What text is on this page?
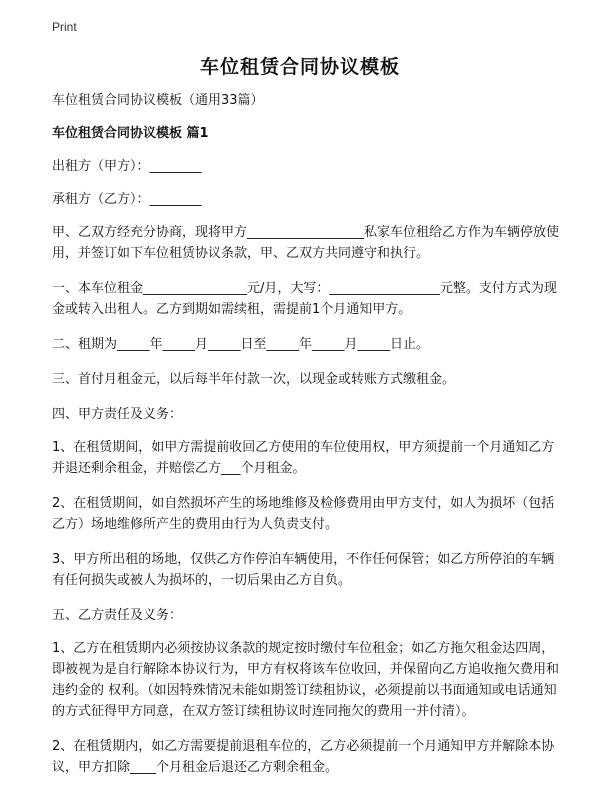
Print
车位租赁合同协议模板

车位租赁合同协议模板（通用33篇）

车位租赁合同协议模板 篇1

出租方（甲方）：________

承租方（乙方）：________

甲、乙双方经充分协商，现将甲方__________________私家车位租给乙方作为车辆停放使用，并签订如下车位租赁协议条款，甲、乙双方共同遵守和执行。

一、本车位租金________________元/月，大写：_________________元整。支付方式为现金或转入出租人。乙方到期如需续租，需提前1个月通知甲方。

二、租期为_____年_____月_____日至_____年_____月_____日止。

三、首付月租金元，以后每半年付款一次，以现金或转账方式缴租金。

四、甲方责任及义务：

1、在租赁期间，如甲方需提前收回乙方使用的车位使用权，甲方须提前一个月通知乙方并退还剩余租金，并赔偿乙方___个月租金。

2、在租赁期间，如自然损坏产生的场地维修及检修费用由甲方支付，如人为损坏（包括乙方）场地维修所产生的费用由行为人负责支付。

3、甲方所出租的场地，仅供乙方作停泊车辆使用，不作任何保管；如乙方所停泊的车辆有任何损失或被人为损坏的，一切后果由乙方自负。

五、乙方责任及义务：

1、乙方在租赁期内必须按协议条款的规定按时缴付车位租金；如乙方拖欠租金达四周，即被视为是自行解除本协议行为，甲方有权将该车位收回，并保留向乙方追收拖欠费用和违约金的 权利。（如因特殊情况未能如期签订续租协议，必须提前以书面通知或电话通知的方式征得甲方同意，在双方签订续租协议时连同拖欠的费用一并付清）。

2、在租赁期内，如乙方需要提前退租车位的，乙方必须提前一个月通知甲方并解除本协议，甲方扣除____个月租金后退还乙方剩余租金。
